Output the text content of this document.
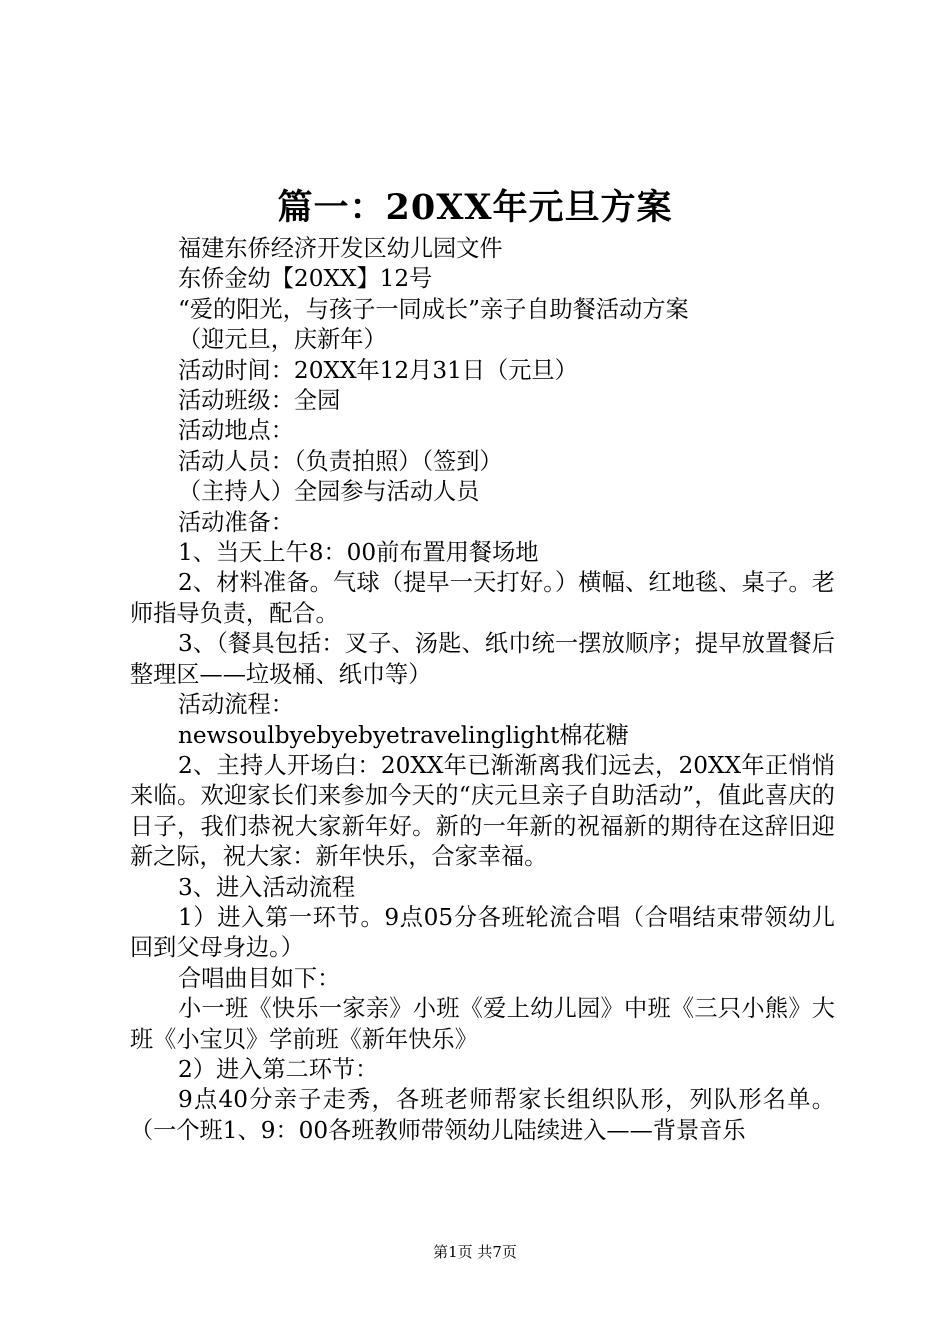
篇一：20XX年元旦方案

福建东侨经济开发区幼儿园文件

东侨金幼【20XX】12号

“爱的阳光，与孩子一同成长”亲子自助餐活动方案

（迎元旦，庆新年）

活动时间：20XX年12月31日（元旦）

活动班级：全园

活动地点：

活动人员：（负责拍照）（签到）

（主持人）全园参与活动人员

活动准备：

1、当天上午8：00前布置用餐场地

2、材料准备。气球（提早一天打好。）横幅、红地毯、桌子。老师指导负责，配合。

3、（餐具包括：叉子、汤匙、纸巾统一摆放顺序；提早放置餐后整理区——垃圾桶、纸巾等）

活动流程：

newsoulbyebyebyetravelinglight棉花糖

2、主持人开场白：20XX年已渐渐离我们远去，20XX年正悄悄来临。欢迎家长们来参加今天的“庆元旦亲子自助活动”，值此喜庆的日子，我们恭祝大家新年好。新的一年新的祝福新的期待在这辞旧迎新之际，祝大家：新年快乐，合家幸福。

3、进入活动流程

1）进入第一环节。9点05分各班轮流合唱（合唱结束带领幼儿回到父母身边。）

合唱曲目如下：

小一班《快乐一家亲》小班《爱上幼儿园》中班《三只小熊》大班《小宝贝》学前班《新年快乐》

2）进入第二环节：

9点40分亲子走秀，各班老师帮家长组织队形，列队形名单。（一个班1、9：00各班教师带领幼儿陆续进入——背景音乐

第1页 共7页
